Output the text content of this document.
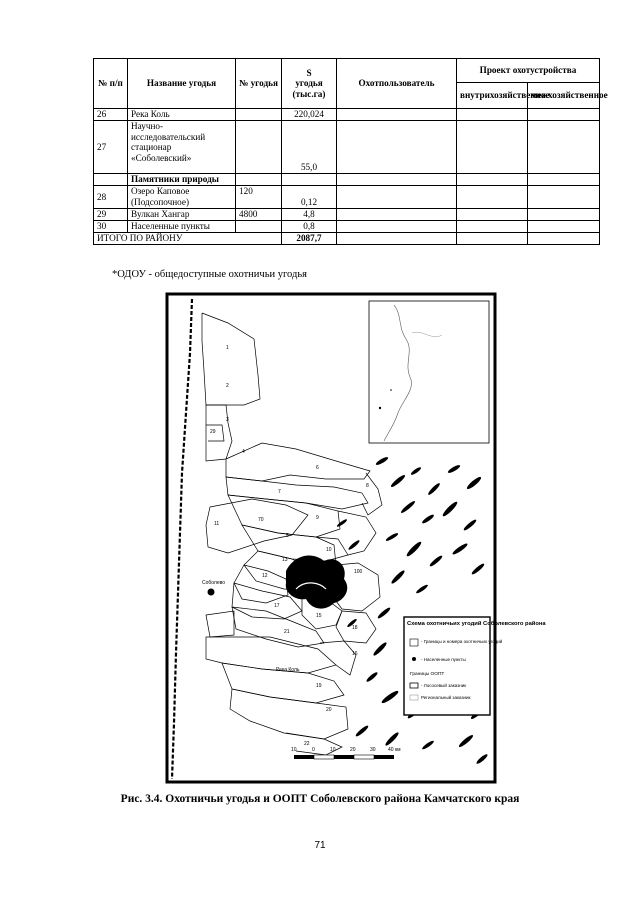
№ п/п	Название угодья	№ угодья	S
угодья (тыс.га)	Охотпользователь	Проект охотустройства	
					внутрихозяйственное	межхозяйственное
26	Река Коль		220,024			
27	Научно-исследовательский стационар «Соболевский»		55,0			
	Памятники природы					
28	Озеро Каповое (Подсопочное)	120	0,12			
29	Вулкан Хангар	4800	4,8			
30	Населенные пункты		0,8			
ИТОГО ПО РАЙОНУ			2087,7			
*ОДОУ - общедоступные охотничьи угодья
Соболево
Река Коль
1
2
3
29
4
6
7
8
70	9
10
12
13
14
15
17
18
21
20
19
22
100
16
5
11
Схема охотничьих угодий Соболевского района
- Границы и номера охотничьих угодий
- Населенные пункты
Границы ООПТ
- Лососевый заказник
Региональный заказник
10	0	10	20	30 40 км
Рис. 3.4. Охотничьи угодья и ООПТ Соболевского района Камчатского края
71
